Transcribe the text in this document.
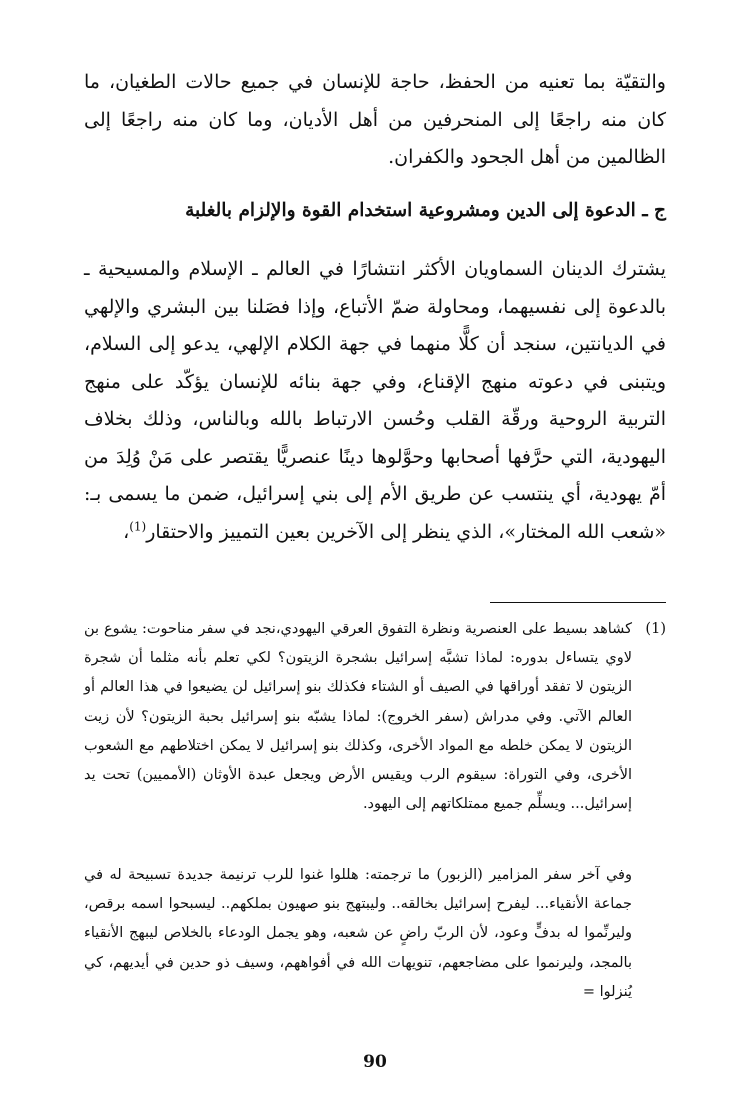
والتقيّة بما تعنيه من الحفظ، حاجة للإنسان في جميع حالات الطغيان، ما كان منه راجعًا إلى المنحرفين من أهل الأديان، وما كان منه راجعًا إلى الظالمين من أهل الجحود والكفران.

ج ـ الدعوة إلى الدين ومشروعية استخدام القوة والإلزام بالغلبة

يشترك الدينان السماويان الأكثر انتشارًا في العالم ـ الإسلام والمسيحية ـ بالدعوة إلى نفسيهما، ومحاولة ضمّ الأتباع، وإذا فصَلنا بين البشري والإلهي في الديانتين، سنجد أن كلًّا منهما في جهة الكلام الإلهي، يدعو إلى السلام، ويتبنى في دعوته منهج الإقناع، وفي جهة بنائه للإنسان يؤكّد على منهج التربية الروحية ورقّة القلب وحُسن الارتباط بالله وبالناس، وذلك بخلاف اليهودية، التي حرَّفها أصحابها وحوَّلوها دينًا عنصريًّا يقتصر على مَنْ وُلِدَ من أمّ يهودية، أي ينتسب عن طريق الأم إلى بني إسرائيل، ضمن ما يسمى بـ: «شعب الله المختار»، الذي ينظر إلى الآخرين بعين التمييز والاحتقار$^{(1)}$،

(1)
كشاهد بسيط على العنصرية ونظرة التفوق العرقي اليهودي،نجد في سفر مناحوت: يشوع بن لاوي يتساءل بدوره: لماذا تشبَّه إسرائيل بشجرة الزيتون؟ لكي تعلم بأنه مثلما أن شجرة الزيتون لا تفقد أوراقها في الصيف أو الشتاء فكذلك بنو إسرائيل لن يضيعوا في هذا العالم أو العالم الآتي. وفي مدراش (سفر الخروج): لماذا يشبّه بنو إسرائيل بحبة الزيتون؟ لأن زيت الزيتون لا يمكن خلطه مع المواد الأخرى، وكذلك بنو إسرائيل لا يمكن اختلاطهم مع الشعوب الأخرى، وفي التوراة: سيقوم الرب ويقيس الأرض ويجعل عبدة الأوثان (الأمميين) تحت يد إسرائيل... ويسلِّم جميع ممتلكاتهم إلى اليهود.
وفي آخر سفر المزامير (الزبور) ما ترجمته: هللوا غنوا للرب ترنيمة جديدة تسبيحة له في جماعة الأنقياء... ليفرح إسرائيل بخالقه.. وليبتهج بنو صهيون بملكهم.. ليسبحوا اسمه برقص، وليرنِّموا له بدفٍّ وعود، لأن الربّ راضٍ عن شعبه، وهو يجمل الودعاء بالخلاص ليبهج الأنقياء بالمجد، وليرنموا على مضاجعهم، تنويهات الله في أفواههم، وسيف ذو حدين في أيديهم، كي يُنزلوا =

90
